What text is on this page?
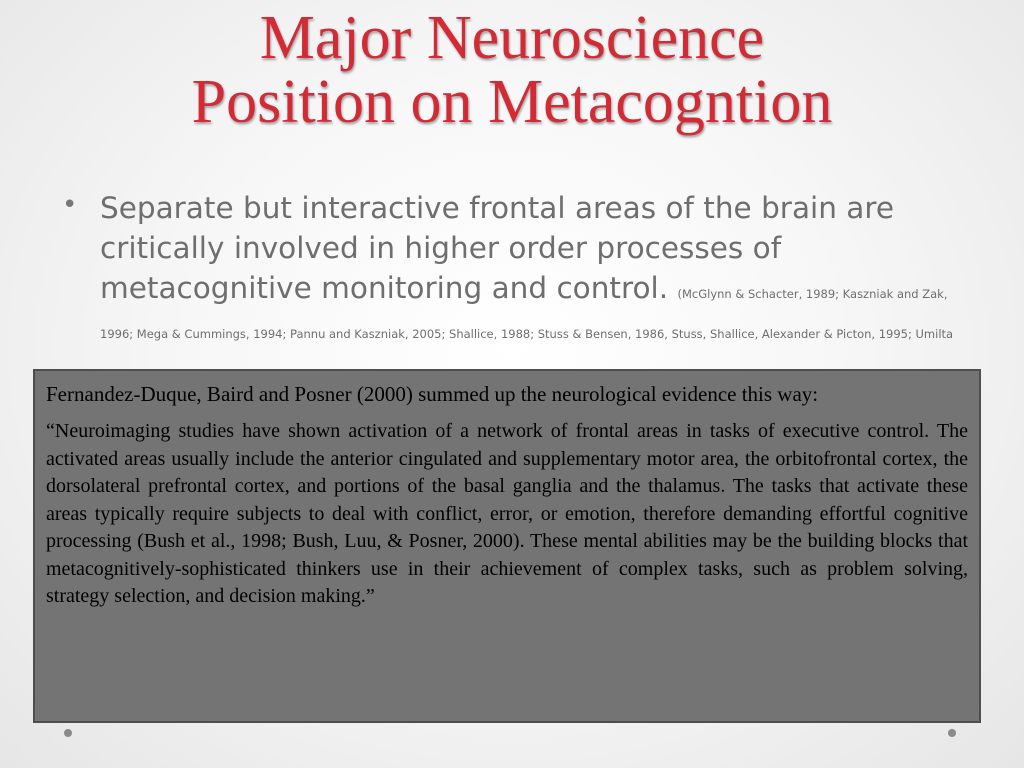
Major Neuroscience
Position on Metacogntion
• Separate but interactive frontal areas of the brain are critically involved in higher order processes of metacognitive monitoring and control. (McGlynn & Schacter, 1989; Kaszniak and Zak, 1996; Mega & Cummings, 1994; Pannu and Kaszniak, 2005; Shallice, 1988; Stuss & Bensen, 1986, Stuss, Shallice, Alexander & Picton, 1995; Umilta

Fernandez-Duque, Baird and Posner (2000) summed up the neurological evidence this way:

“Neuroimaging studies have shown activation of a network of frontal areas in tasks of executive control. The activated areas usually include the anterior cingulated and supplementary motor area, the orbitofrontal cortex, the dorsolateral prefrontal cortex, and portions of the basal ganglia and the thalamus. The tasks that activate these areas typically require subjects to deal with conflict, error, or emotion, therefore demanding effortful cognitive processing (Bush et al., 1998; Bush, Luu, & Posner, 2000). These mental abilities may be the building blocks that metacognitively-sophisticated thinkers use in their achievement of complex tasks, such as problem solving, strategy selection, and decision making.”
